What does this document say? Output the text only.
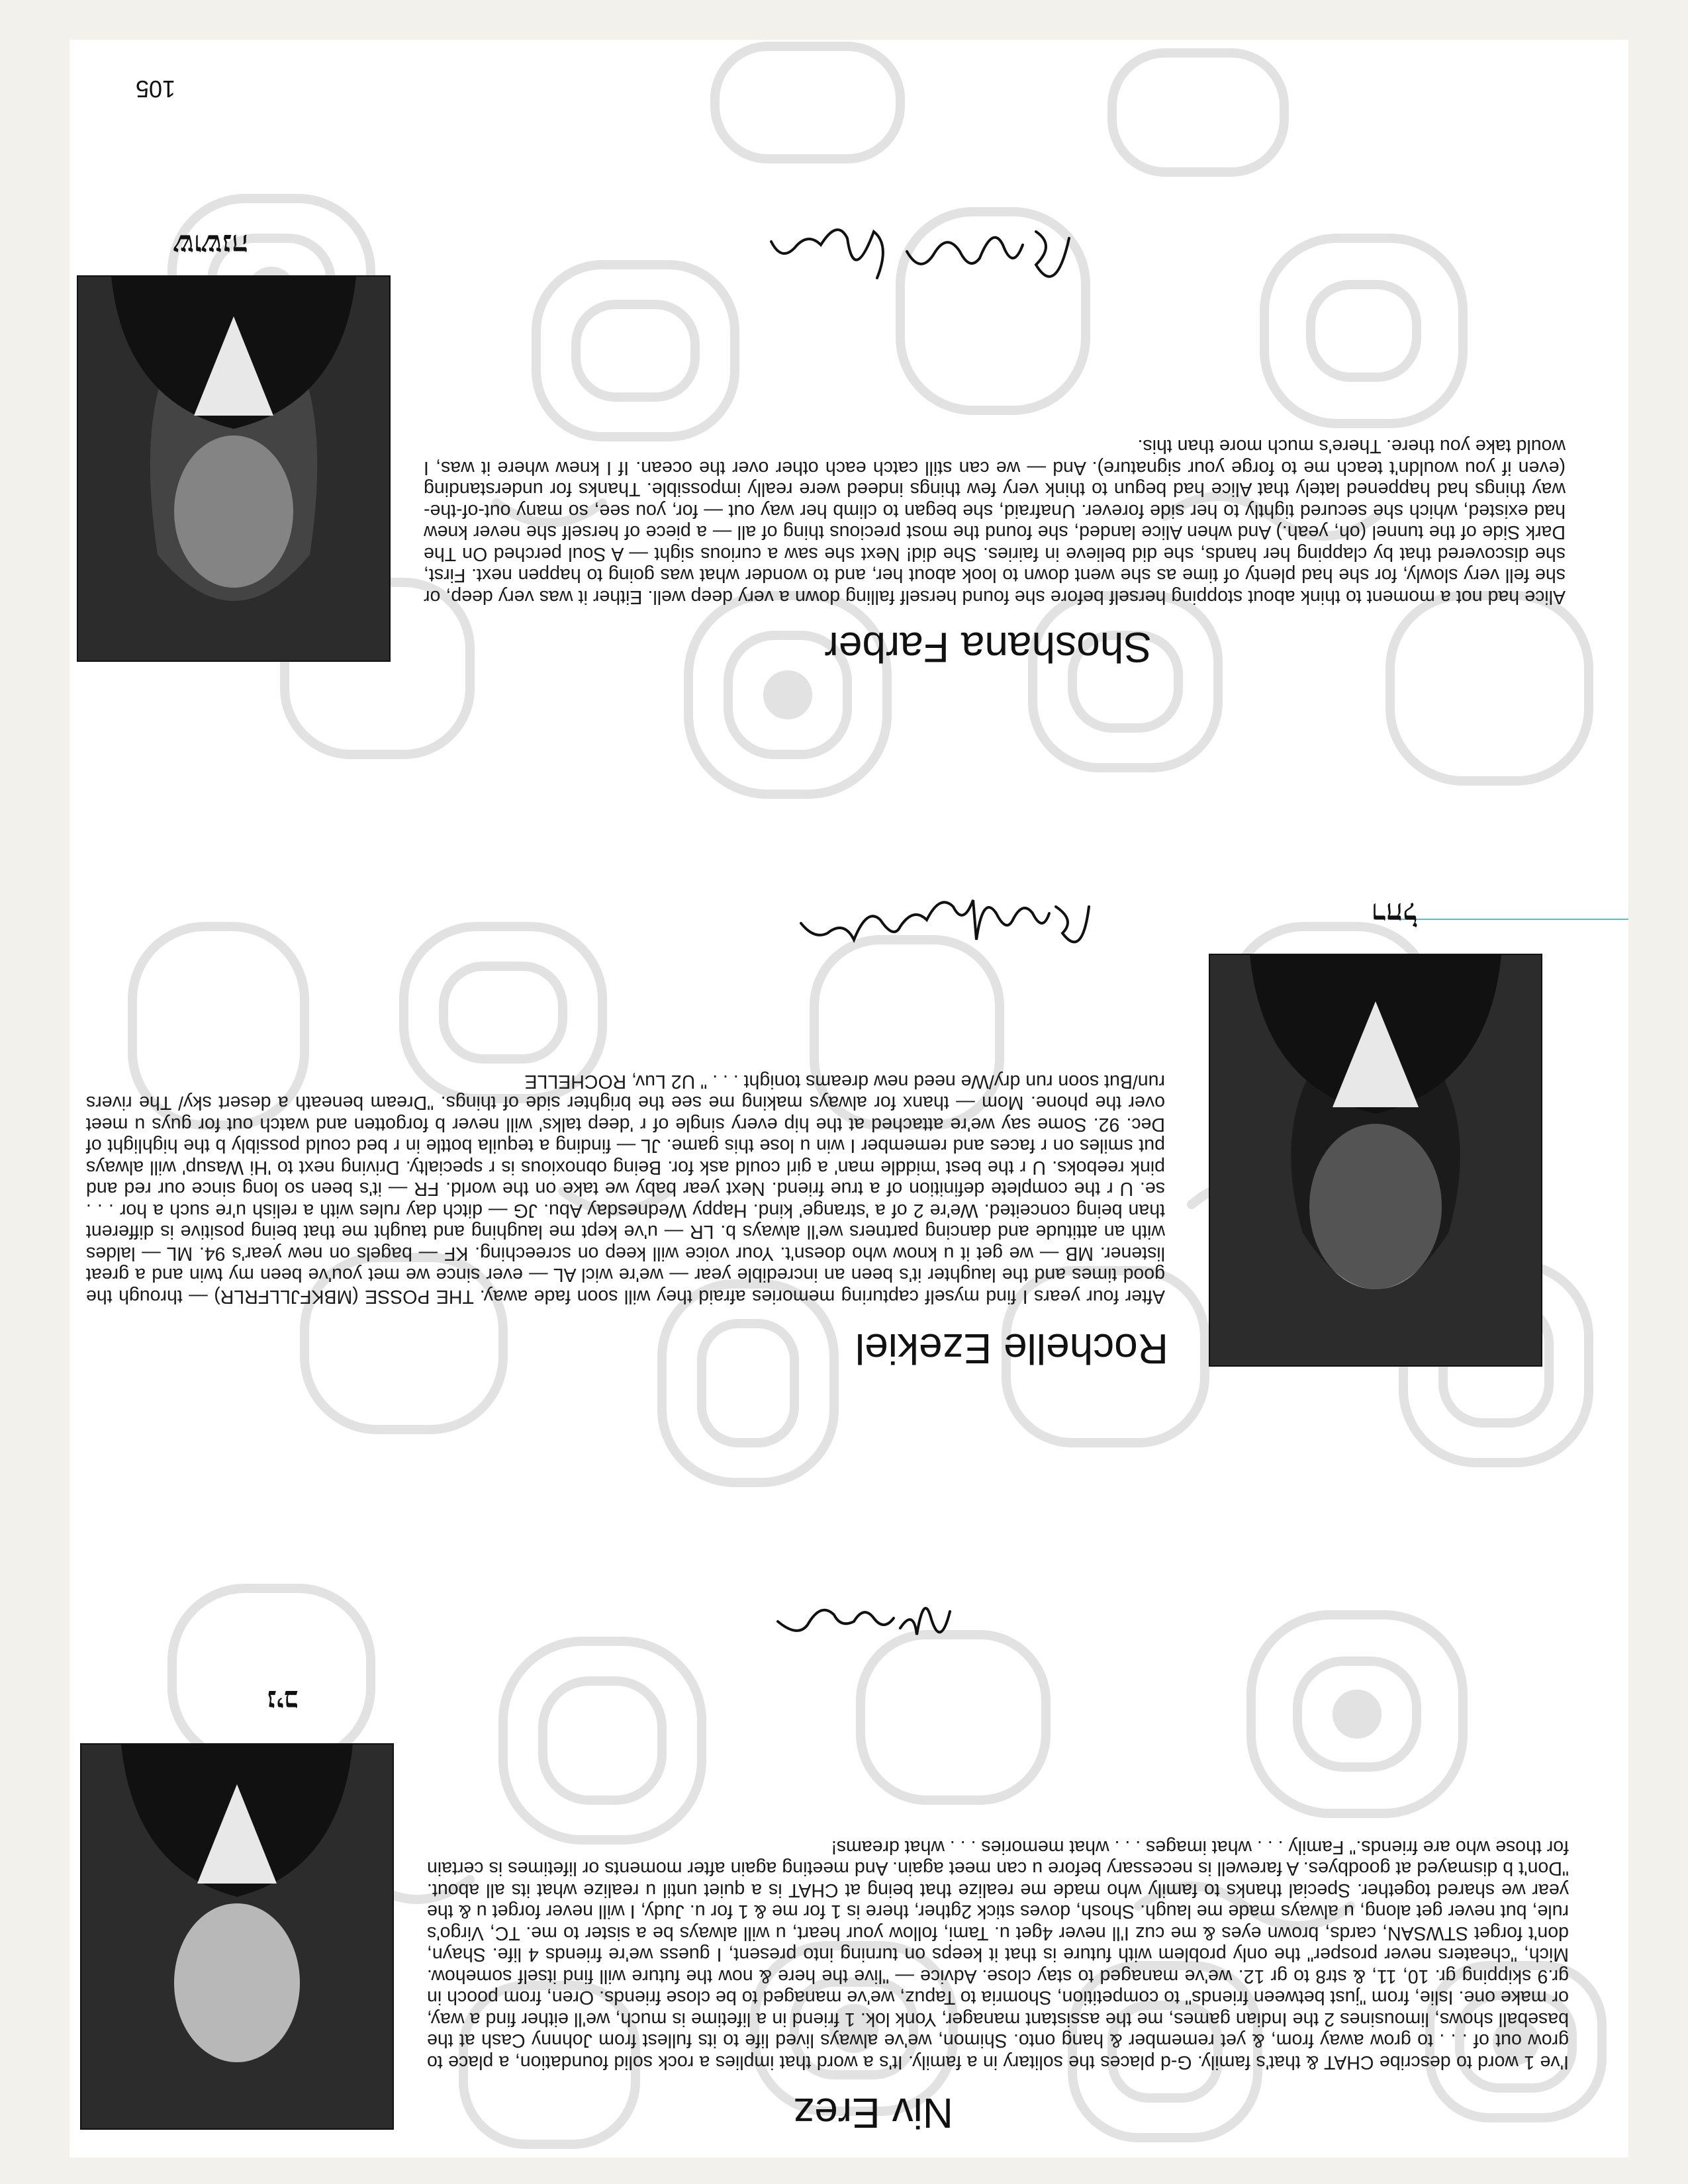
Niv Erez
I've 1 word to describe CHAT & that's family. G-d places the solitary in a family. It's a word that implies a rock solid foundation, a place to grow out of . . . to grow away from, & yet remember & hang onto. Shimon, we've always lived life to its fullest from Johnny Cash at the baseball shows, limousines 2 the Indian games, me the assistant manager, Yonk lok. 1 friend in a lifetime is much, we'll either find a way, or make one. Islie, from "just between friends" to competition, Shomria to Tapuz, we've managed to be close friends. Oren, from pooch in gr.9 skipping gr. 10, 11, & str8 to gr 12. we've managed to stay close. Advice — "live the here & now the future will find itself somehow. Mich, "cheaters never prosper" the only problem with future is that it keeps on turning into present, I guess we're friends 4 life. Shayn, don't forget STWSAN, cards, brown eyes & me cuz I'll never 4get u. Tami, follow your heart, u will always be a sister to me. TC, Virgo's rule, but never get along, u always made me laugh. Shosh, doves stick 2gther, there is 1 for me & 1 for u. Judy, I will never forget u & the year we shared together. Special thanks to family who made me realize that being at CHAT is a quiet until u realize what its all about. "Don't b dismayed at goodbyes. A farewell is necessary before u can meet again. And meeting again after moments or lifetimes is certain for those who are friends." Family . . . what images . . . what memories . . . what dreams!
ניב
Rochelle Ezekiel
After four years I find myself capturing memories afraid they will soon fade away. THE POSSE (MBKFJLLFRLR) — through the good times and the laughter it's been an incredible year — we're wicl AL — ever since we met you've been my twin and a great listener. MB — we get it u know who doesn't. Your voice will keep on screeching. KF — bagels on new year's 94. ML — laldes with an attitude and dancing partners we'll always b. LR — u've kept me laughing and taught me that being positive is different than being conceited. We're 2 of a 'strange' kind. Happy Wednesday Abu. JG — ditch day rules with a relish u're such a hor . . . se. U r the complete definition of a true friend. Next year baby we take on the world. FR — it's been so long since our red and pink reeboks. U r the best 'middle man' a girl could ask for. Being obnoxious is r specialty. Driving next to 'Hi Wasup' will always put smiles on r faces and remember I win u lose this game. JL — finding a tequila bottle in r bed could possibly b the highlight of Dec. 92. Some say we're attached at the hip every single of r 'deep talks' will never b forgotten and watch out for guys u meet over the phone. Mom — thanx for always making me see the brighter side of things. "Dream beneath a desert sky/ The rivers run/But soon run dry/We need new dreams tonight . . . " U2 Luv, ROCHELLE
רחל
Shoshana Farber
Alice had not a moment to think about stopping herself before she found herself falling down a very deep well. Either it was very deep, or she fell very slowly, for she had plenty of time as she went down to look about her, and to wonder what was going to happen next. First, she discovered that by clapping her hands, she did believe in fairies. She did! Next she saw a curious sight — A Soul perched On The Dark Side of the tunnel (oh, yeah.) And when Alice landed, she found the most precious thing of all — a piece of herself she never knew had existed, which she secured tightly to her side forever. Unafraid, she began to climb her way out — for, you see, so many out-of-the-way things had happened lately that Alice had begun to think very few things indeed were really impossible. Thanks for understanding (even if you wouldn't teach me to forge your signature). And — we can still catch each other over the ocean. If I knew where it was, I would take you there. There's much more than this.
שושנה
105
